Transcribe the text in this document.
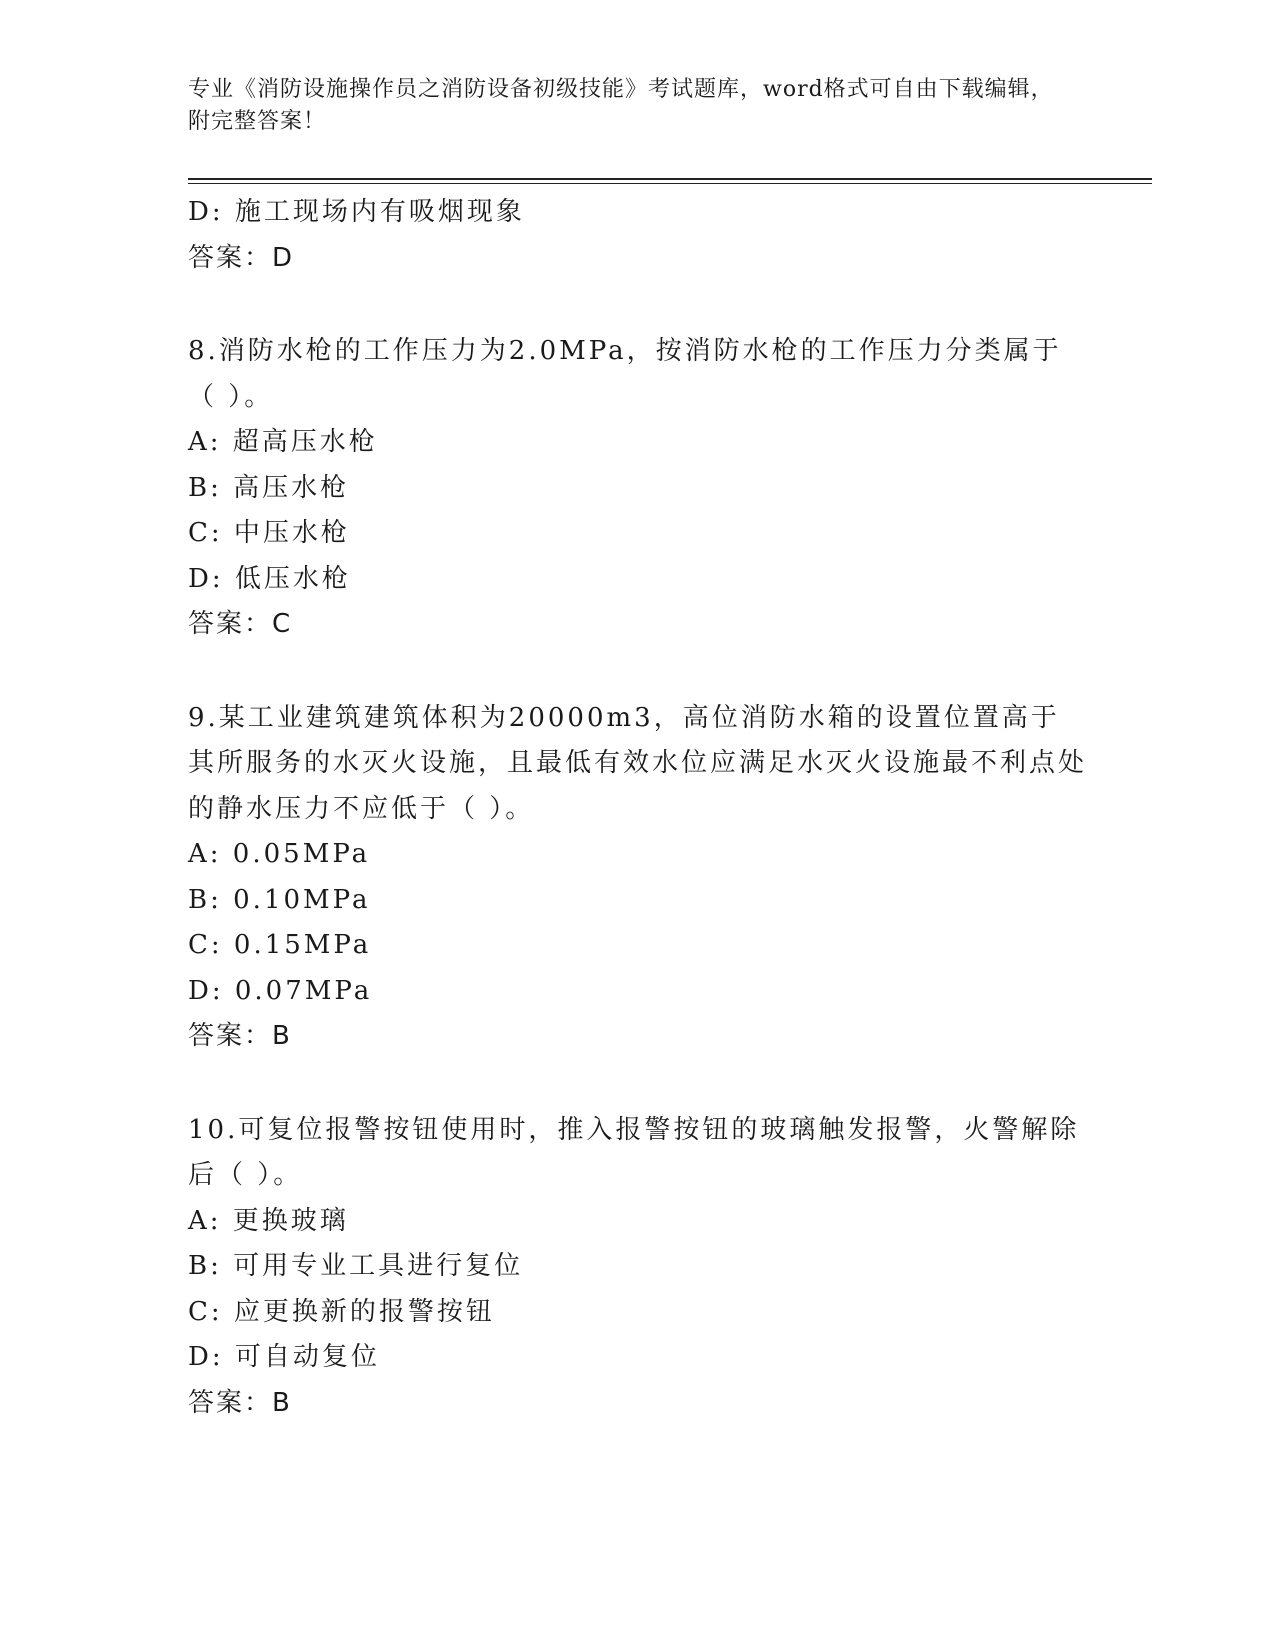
专业《消防设施操作员之消防设备初级技能》考试题库，word格式可自由下载编辑，附完整答案！
D: 施工现场内有吸烟现象
答案：D
8.消防水枪的工作压力为2.0MPa，按消防水枪的工作压力分类属于（ ）。
A: 超高压水枪
B: 高压水枪
C: 中压水枪
D: 低压水枪
答案：C
9.某工业建筑建筑体积为20000m3，高位消防水箱的设置位置高于其所服务的水灭火设施，且最低有效水位应满足水灭火设施最不利点处的静水压力不应低于（ ）。
A: 0.05MPa
B: 0.10MPa
C: 0.15MPa
D: 0.07MPa
答案：B
10.可复位报警按钮使用时，推入报警按钮的玻璃触发报警，火警解除后（ ）。
A: 更换玻璃
B: 可用专业工具进行复位
C: 应更换新的报警按钮
D: 可自动复位
答案：B
